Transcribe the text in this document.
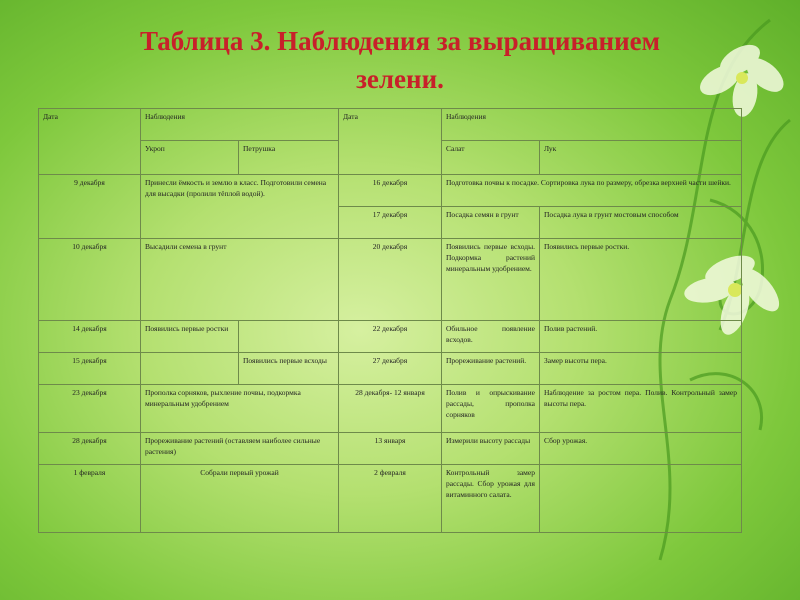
Таблица 3. Наблюдения за выращиванием
зелени.
Дата	Наблюдения		Дата	Наблюдения	
	Укроп	Петрушка		Салат	Лук
9 декабря	Принесли ёмкость и землю в класс. Подготовили семена для высадки (пролили тёплой водой).		16 декабря	Подготовка почвы к посадке. Сортировка лука по размеру, обрезка верхней части шейки.	
			17 декабря	Посадка семян в грунт	Посадка лука в грунт мостовым способом
10 декабря	Высадили семена в грунт		20 декабря	Появились первые всходы. Подкормка растений минеральным удобрением.	Появились первые ростки.
14 декабря	Появились первые ростки		22 декабря	Обильное появление всходов.	Полив растений.
15 декабря		Появились первые всходы	27 декабря	Прореживание растений.	Замер высоты пера.
23 декабря	Прополка сорняков, рыхление почвы, подкормка минеральным удобрением		28 декабря- 12 января	Полив и опрыскивание рассады, прополка сорняков	Наблюдение за ростом пера. Полив. Контрольный замер высоты пера.
28 декабря	Прореживание растений (оставляем наиболее сильные растения)		13 января	Измерили высоту рассады	Сбор урожая.
1 февраля	Собрали первый урожай		2 февраля	Контрольный замер рассады. Сбор урожая для витаминного салата.	
